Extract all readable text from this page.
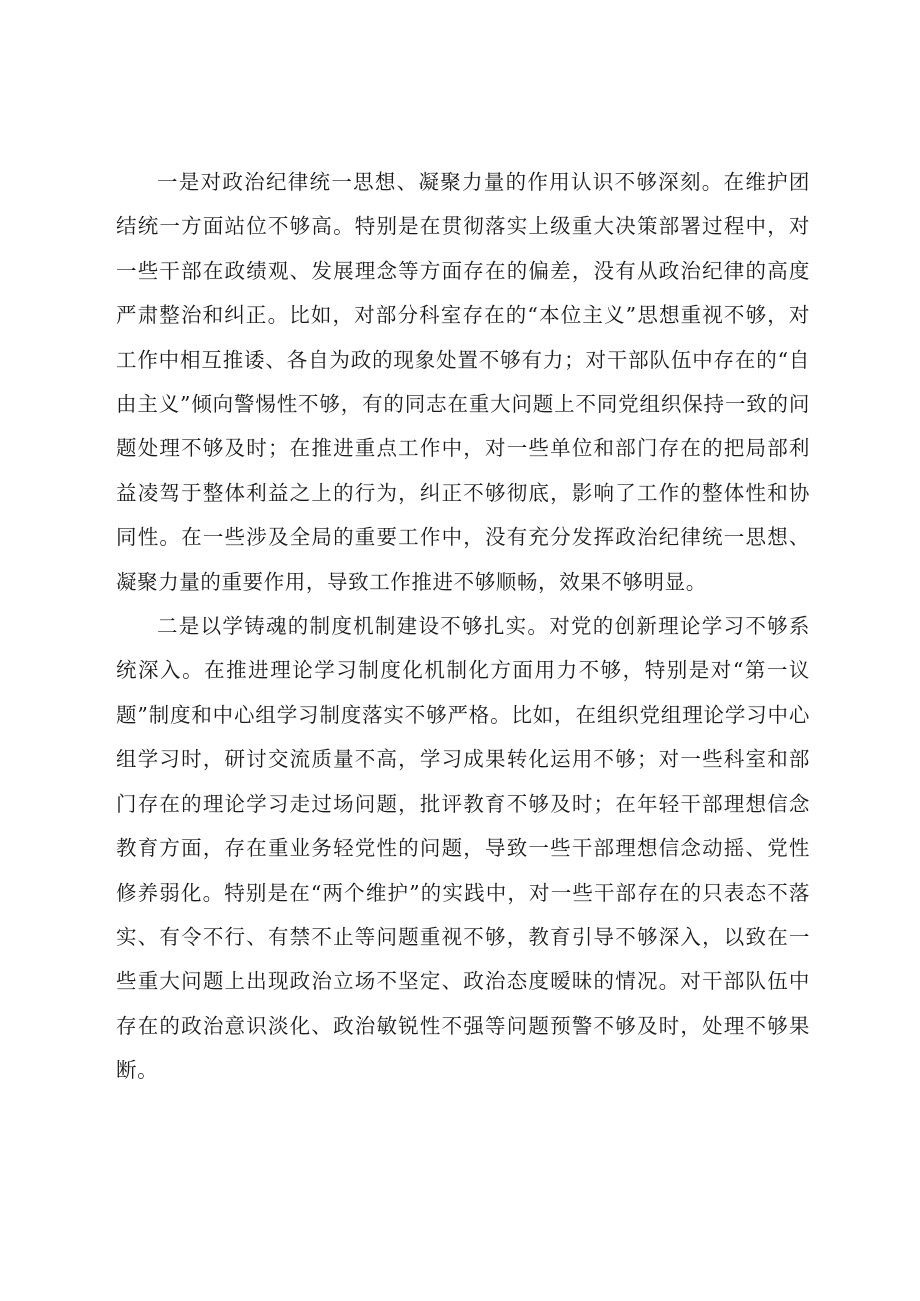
一是对政治纪律统一思想、凝聚力量的作用认识不够深刻。在维护团结统一方面站位不够高。特别是在贯彻落实上级重大决策部署过程中，对一些干部在政绩观、发展理念等方面存在的偏差，没有从政治纪律的高度严肃整治和纠正。比如，对部分科室存在的“本位主义”思想重视不够，对工作中相互推诿、各自为政的现象处置不够有力；对干部队伍中存在的“自由主义”倾向警惕性不够，有的同志在重大问题上不同党组织保持一致的问题处理不够及时；在推进重点工作中，对一些单位和部门存在的把局部利益凌驾于整体利益之上的行为，纠正不够彻底，影响了工作的整体性和协同性。在一些涉及全局的重要工作中，没有充分发挥政治纪律统一思想、凝聚力量的重要作用，导致工作推进不够顺畅，效果不够明显。

二是以学铸魂的制度机制建设不够扎实。对党的创新理论学习不够系统深入。在推进理论学习制度化机制化方面用力不够，特别是对“第一议题”制度和中心组学习制度落实不够严格。比如，在组织党组理论学习中心组学习时，研讨交流质量不高，学习成果转化运用不够；对一些科室和部门存在的理论学习走过场问题，批评教育不够及时；在年轻干部理想信念教育方面，存在重业务轻党性的问题，导致一些干部理想信念动摇、党性修养弱化。特别是在“两个维护”的实践中，对一些干部存在的只表态不落实、有令不行、有禁不止等问题重视不够，教育引导不够深入，以致在一些重大问题上出现政治立场不坚定、政治态度暧昧的情况。对干部队伍中存在的政治意识淡化、政治敏锐性不强等问题预警不够及时，处理不够果断。
